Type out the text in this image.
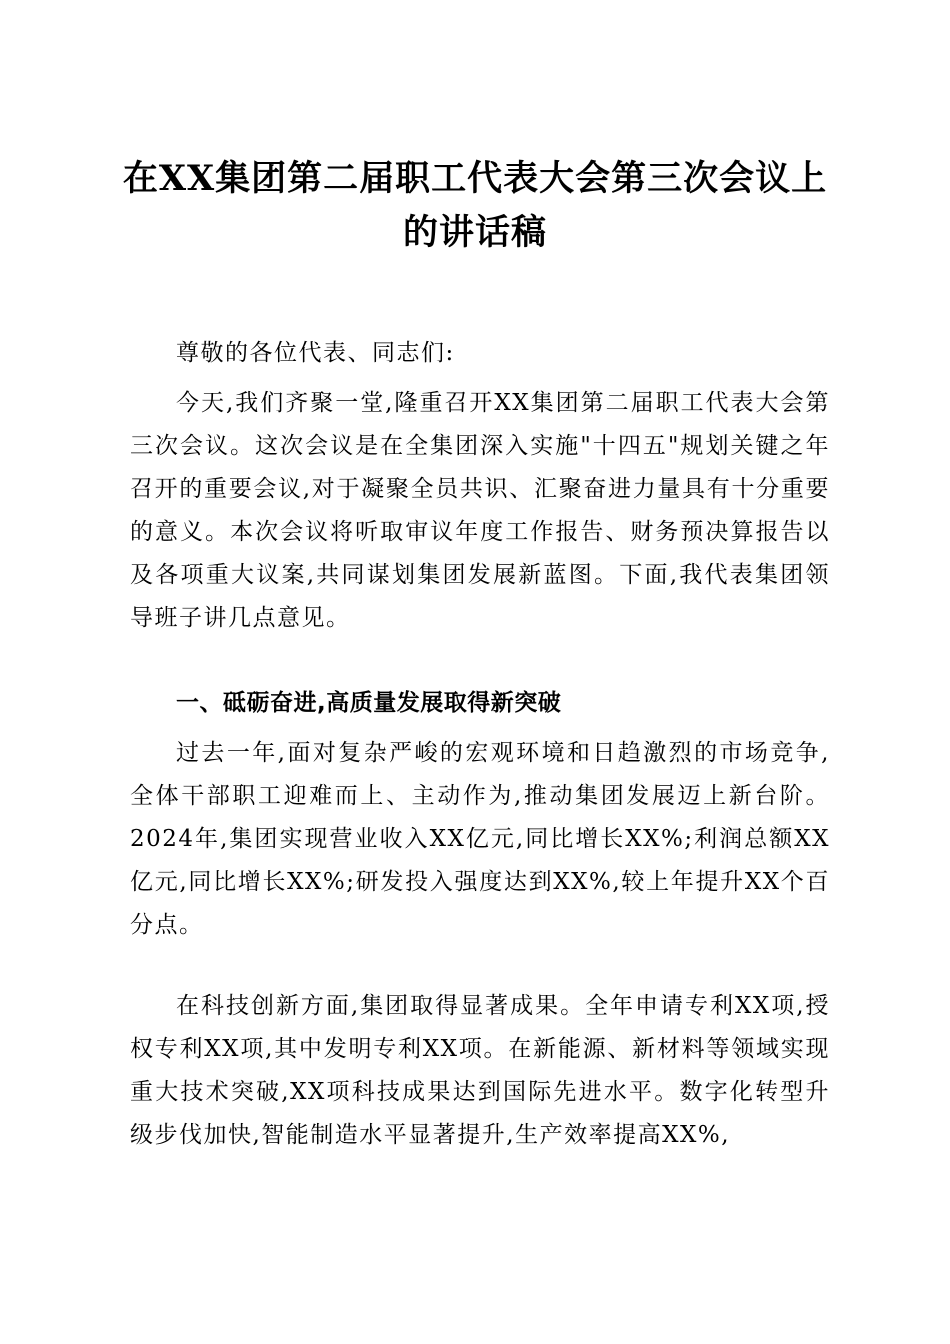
在XX集团第二届职工代表大会第三次会议上的讲话稿

尊敬的各位代表、同志们:

今天,我们齐聚一堂,隆重召开XX集团第二届职工代表大会第三次会议。这次会议是在全集团深入实施"十四五"规划关键之年召开的重要会议,对于凝聚全员共识、汇聚奋进力量具有十分重要的意义。本次会议将听取审议年度工作报告、财务预决算报告以及各项重大议案,共同谋划集团发展新蓝图。下面,我代表集团领导班子讲几点意见。

一、砥砺奋进,高质量发展取得新突破

过去一年,面对复杂严峻的宏观环境和日趋激烈的市场竞争,全体干部职工迎难而上、主动作为,推动集团发展迈上新台阶。2024年,集团实现营业收入XX亿元,同比增长XX%;利润总额XX亿元,同比增长XX%;研发投入强度达到XX%,较上年提升XX个百分点。

在科技创新方面,集团取得显著成果。全年申请专利XX项,授权专利XX项,其中发明专利XX项。在新能源、新材料等领域实现重大技术突破,XX项科技成果达到国际先进水平。数字化转型升级步伐加快,智能制造水平显著提升,生产效率提高XX%,
